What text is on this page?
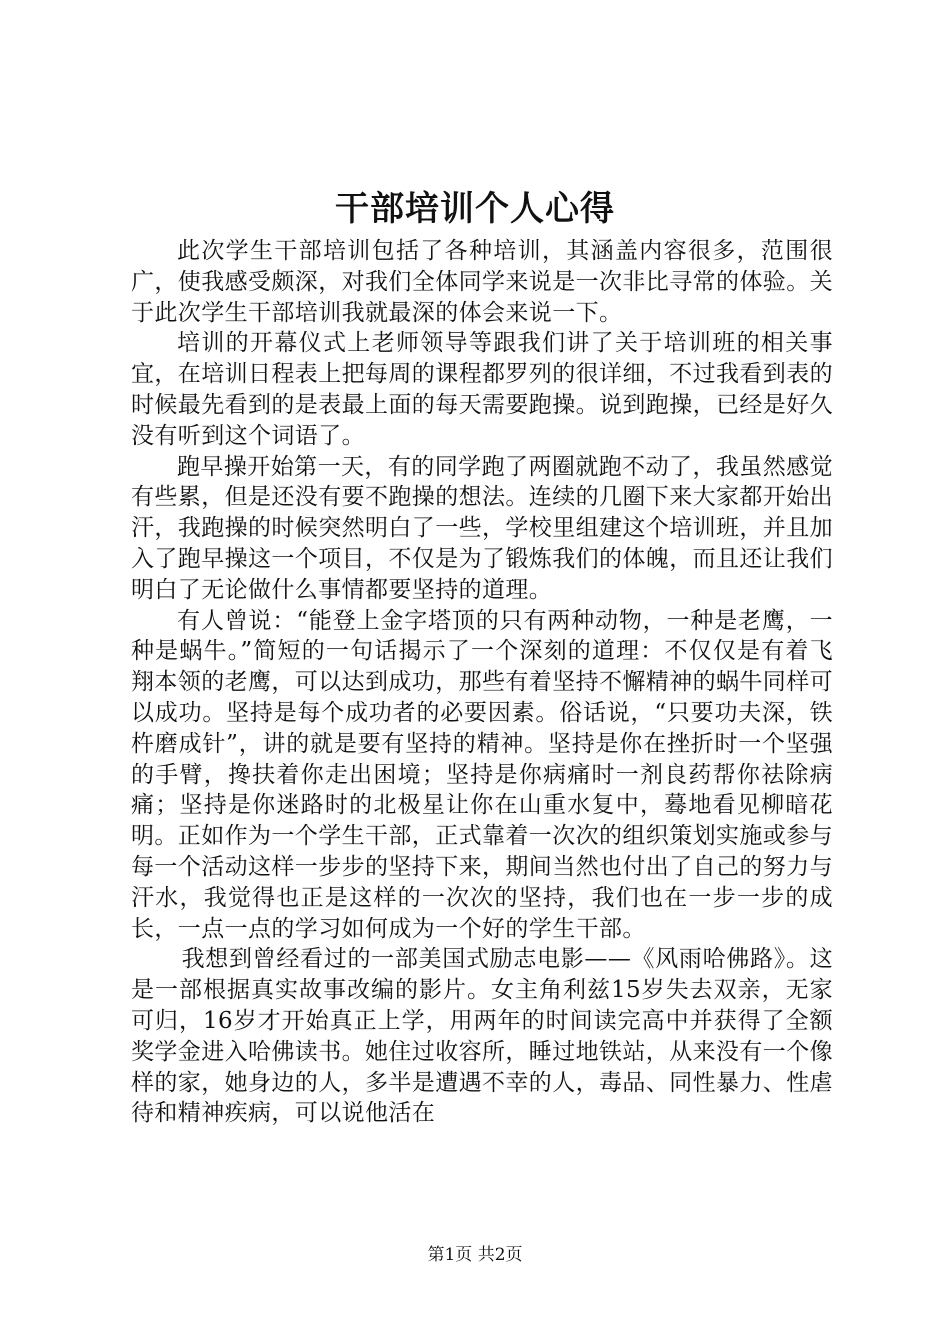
干部培训个人心得

此次学生干部培训包括了各种培训，其涵盖内容很多，范围很广，使我感受颇深，对我们全体同学来说是一次非比寻常的体验。关于此次学生干部培训我就最深的体会来说一下。

培训的开幕仪式上老师领导等跟我们讲了关于培训班的相关事宜，在培训日程表上把每周的课程都罗列的很详细，不过我看到表的时候最先看到的是表最上面的每天需要跑操。说到跑操，已经是好久没有听到这个词语了。

跑早操开始第一天，有的同学跑了两圈就跑不动了，我虽然感觉有些累，但是还没有要不跑操的想法。连续的几圈下来大家都开始出汗，我跑操的时候突然明白了一些，学校里组建这个培训班，并且加入了跑早操这一个项目，不仅是为了锻炼我们的体魄，而且还让我们明白了无论做什么事情都要坚持的道理。

有人曾说：“能登上金字塔顶的只有两种动物，一种是老鹰，一种是蜗牛。”简短的一句话揭示了一个深刻的道理：不仅仅是有着飞翔本领的老鹰，可以达到成功，那些有着坚持不懈精神的蜗牛同样可以成功。坚持是每个成功者的必要因素。俗话说，“只要功夫深，铁杵磨成针”，讲的就是要有坚持的精神。坚持是你在挫折时一个坚强的手臂，搀扶着你走出困境；坚持是你病痛时一剂良药帮你祛除病痛；坚持是你迷路时的北极星让你在山重水复中，蓦地看见柳暗花明。正如作为一个学生干部，正式靠着一次次的组织策划实施或参与每一个活动这样一步步的坚持下来，期间当然也付出了自己的努力与汗水，我觉得也正是这样的一次次的坚持，我们也在一步一步的成长，一点一点的学习如何成为一个好的学生干部。

我想到曾经看过的一部美国式励志电影——《风雨哈佛路》。这是一部根据真实故事改编的影片。女主角利兹15岁失去双亲，无家可归，16岁才开始真正上学，用两年的时间读完高中并获得了全额奖学金进入哈佛读书。她住过收容所，睡过地铁站，从来没有一个像样的家，她身边的人，多半是遭遇不幸的人，毒品、同性暴力、性虐待和精神疾病，可以说他活在

第1页 共2页
